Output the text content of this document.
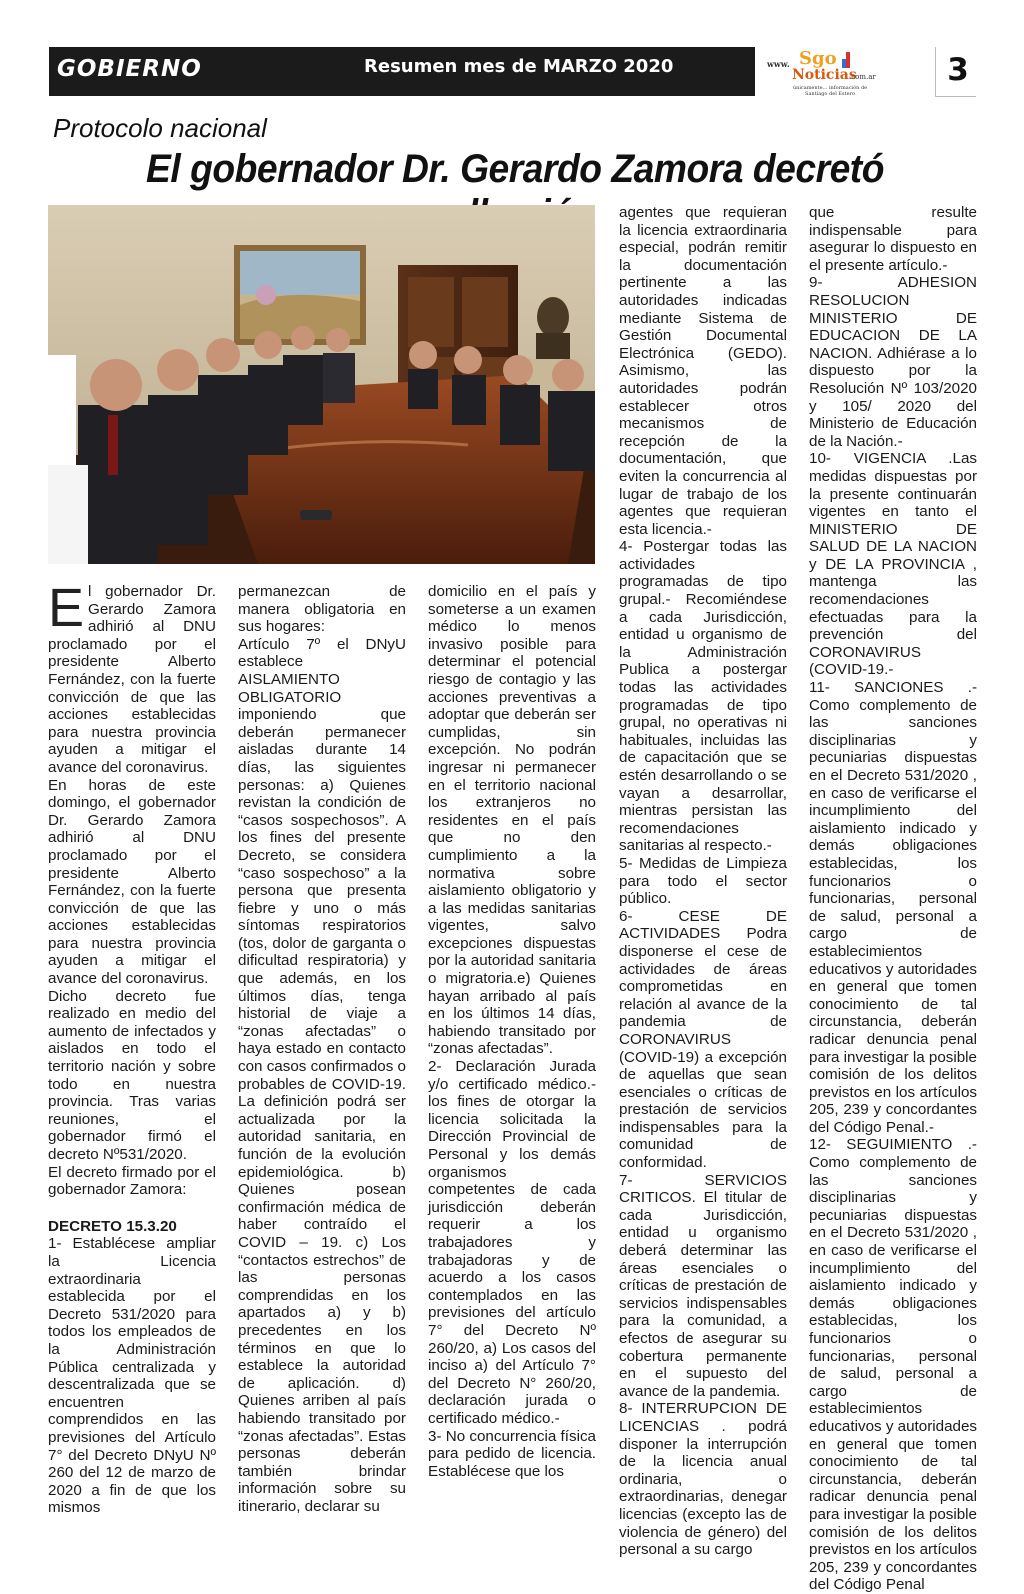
GOBIERNO	Resumen mes de MARZO 2020	www. Sgo
Noticias
.com.ar
únicamente... información de Santiago del Estero
3
Protocolo nacional
El gobernador Dr. Gerardo Zamora decretó

El gobernador Dr. Gerardo Zamora adhirió al DNU proclamado por el presidente Alberto Fernández, con la fuerte convicción de que las acciones establecidas para nuestra provincia ayuden a mitigar el avance del coronavirus.

En horas de este domingo, el gobernador Dr. Gerardo Zamora adhirió al DNU proclamado por el presidente Alberto Fernández, con la fuerte convicción de que las acciones establecidas para nuestra provincia ayuden a mitigar el avance del coronavirus.

Dicho decreto fue realizado en medio del aumento de infectados y aislados en todo el territorio nación y sobre todo en nuestra provincia. Tras varias reuniones, el gobernador firmó el decreto Nº531/2020.

El decreto firmado por el gobernador Zamora:

DECRETO 15.3.20

1- Establécese ampliar la Licencia extraordinaria establecida por el Decreto 531/2020 para todos los empleados de la Administración Pública centralizada y descentralizada que se encuentren comprendidos en las previsiones del Artículo 7° del Decreto DNyU Nº 260 del 12 de marzo de 2020 a fin de que los mismos

permanezcan de manera obligatoria en sus hogares:

Artículo 7º el DNyU establece AISLAMIENTO OBLIGATORIO imponiendo que deberán permanecer aisladas durante 14 días, las siguientes personas: a) Quienes revistan la condición de “casos sospechosos”. A los fines del presente Decreto, se considera “caso sospechoso” a la persona que presenta fiebre y uno o más síntomas respiratorios (tos, dolor de garganta o dificultad respiratoria) y que además, en los últimos días, tenga historial de viaje a “zonas afectadas” o haya estado en contacto con casos confirmados o probables de COVID-19. La definición podrá ser actualizada por la autoridad sanitaria, en función de la evolución epidemiológica. b) Quienes posean confirmación médica de haber contraído el COVID – 19. c) Los “contactos estrechos” de las personas comprendidas en los apartados a) y b) precedentes en los términos en que lo establece la autoridad de aplicación. d) Quienes arriben al país habiendo transitado por “zonas afectadas”. Estas personas deberán también brindar información sobre su itinerario, declarar su

domicilio en el país y someterse a un examen médico lo menos invasivo posible para determinar el potencial riesgo de contagio y las acciones preventivas a adoptar que deberán ser cumplidas, sin excepción. No podrán ingresar ni permanecer en el territorio nacional los extranjeros no residentes en el país que no den cumplimiento a la normativa sobre aislamiento obligatorio y a las medidas sanitarias vigentes, salvo excepciones dispuestas por la autoridad sanitaria o migratoria.e) Quienes hayan arribado al país en los últimos 14 días, habiendo transitado por “zonas afectadas”.

2- Declaración Jurada y/o certificado médico.- los fines de otorgar la licencia solicitada la Dirección Provincial de Personal y los demás organismos competentes de cada jurisdicción deberán requerir a los trabajadores y trabajadoras y de acuerdo a los casos contemplados en las previsiones del artículo 7° del Decreto Nº 260/20, a) Los casos del inciso a) del Artículo 7° del Decreto N° 260/20, declaración jurada o certificado médico.-

3- No concurrencia física para pedido de licencia. Establécese que los

agentes que requieran la licencia extraordinaria especial, podrán remitir la documentación pertinente a las autoridades indicadas mediante Sistema de Gestión Documental Electrónica (GEDO). Asimismo, las autoridades podrán establecer otros mecanismos de recepción de la documentación, que eviten la concurrencia al lugar de trabajo de los agentes que requieran esta licencia.-

4- Postergar todas las actividades programadas de tipo grupal.- Recomiéndese a cada Jurisdicción, entidad u organismo de la Administración Publica a postergar todas las actividades programadas de tipo grupal, no operativas ni habituales, incluidas las de capacitación que se estén desarrollando o se vayan a desarrollar, mientras persistan las recomendaciones sanitarias al respecto.-

5- Medidas de Limpieza para todo el sector público.

6- CESE DE ACTIVIDADES Podra disponerse el cese de actividades de áreas comprometidas en relación al avance de la pandemia de CORONAVIRUS (COVID-19) a excepción de aquellas que sean esenciales o críticas de prestación de servicios indispensables para la comunidad de conformidad.

7- SERVICIOS CRITICOS. El titular de cada Jurisdicción, entidad u organismo deberá determinar las áreas esenciales o críticas de prestación de servicios indispensables para la comunidad, a efectos de asegurar su cobertura permanente en el supuesto del avance de la pandemia.

8- INTERRUPCION DE LICENCIAS . podrá disponer la interrupción de la licencia anual ordinaria, o extraordinarias, denegar licencias (excepto las de violencia de género) del personal a su cargo

que resulte indispensable para asegurar lo dispuesto en el presente artículo.-

9- ADHESION RESOLUCION MINISTERIO DE EDUCACION DE LA NACION. Adhiérase a lo dispuesto por la Resolución Nº 103/2020 y 105/ 2020 del Ministerio de Educación de la Nación.-

10- VIGENCIA .Las medidas dispuestas por la presente continuarán vigentes en tanto el MINISTERIO DE SALUD DE LA NACION y DE LA PROVINCIA , mantenga las recomendaciones efectuadas para la prevención del CORONAVIRUS (COVID-19.-

11- SANCIONES .-Como complemento de las sanciones disciplinarias y pecuniarias dispuestas en el Decreto 531/2020 , en caso de verificarse el incumplimiento del aislamiento indicado y demás obligaciones establecidas, los funcionarios o funcionarias, personal de salud, personal a cargo de establecimientos educativos y autoridades en general que tomen conocimiento de tal circunstancia, deberán radicar denuncia penal para investigar la posible comisión de los delitos previstos en los artículos 205, 239 y concordantes del Código Penal.-

12- SEGUIMIENTO .-Como complemento de las sanciones disciplinarias y pecuniarias dispuestas en el Decreto 531/2020 , en caso de verificarse el incumplimiento del aislamiento indicado y demás obligaciones establecidas, los funcionarios o funcionarias, personal de salud, personal a cargo de establecimientos educativos y autoridades en general que tomen conocimiento de tal circunstancia, deberán radicar denuncia penal para investigar la posible comisión de los delitos previstos en los artículos 205, 239 y concordantes del Código Penal
